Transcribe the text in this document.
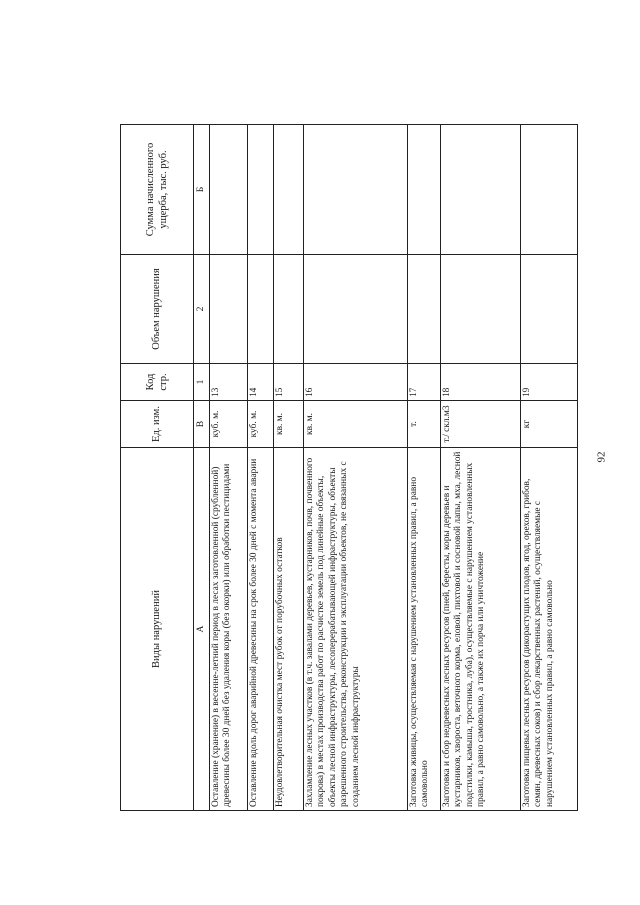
Виды нарушений	Ед. изм.	Код стр.	Объем нарушения	Сумма начисленного ущерба, тыс. руб.
А	В	1	2	Б
Оставление (хранение) в весенне-летний период в лесах заготовленной (срубленной) древесины более 30 дней без удаления коры (без окорки) или обработки пестицидами	куб. м.	13		
Оставление вдоль дорог аварийной древесины на срок более 30 дней с момента аварии	куб. м.	14		
Неудовлетворительная очистка мест рубок от порубочных остатков	кв. м.	15		
Захламление лесных участков (в т.ч. завалами деревьев, кустарников, почв, почвенного покрова) в местах производства работ по расчистке земель под линейные объекты, объекты лесной инфраструктуры, лесоперерабатывающей инфраструктуры, объекты разрешенного строительства, реконструкции и эксплуатации объектов, не связанных с созданием лесной инфраструктуры	кв. м.	16		
Заготовка живицы, осуществляемая с нарушением установленных правил, а равно самовольно	т.	17		
Заготовка и сбор недревесных лесных ресурсов (пней, бересты, коры деревьев и кустарников, хвороста, веточного корма, еловой, пихтовой и сосновой лапы, мха, лесной подстилки, камыша, тростника, луба), осуществляемые с нарушением установленных правил, а равно самовольно, а также их порча или уничтожение	т./ скл.м3	18		
Заготовка пищевых лесных ресурсов (дикорастущих плодов, ягод, орехов, грибов, семян, древесных соков) и сбор лекарственных растений, осуществляемые с нарушением установленных правил, а равно самовольно	кг	19		
92
